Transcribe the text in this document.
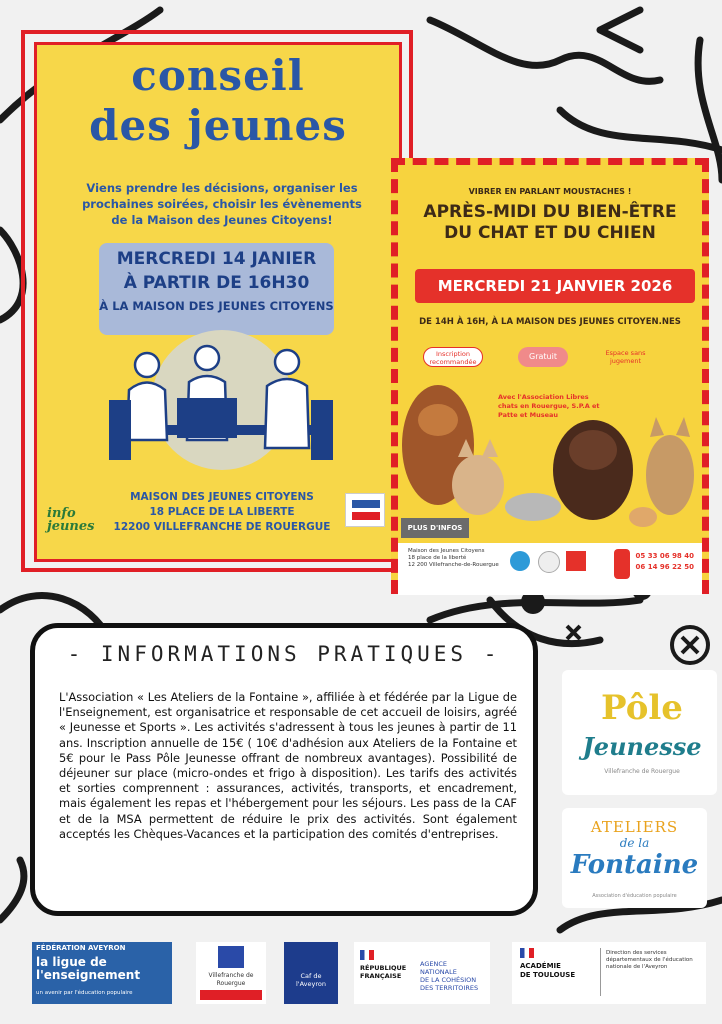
conseil
des jeunes
Viens prendre les décisions, organiser les prochaines soirées, choisir les évènements de la Maison des Jeunes Citoyens!
MERCREDI 14 JANIER
À PARTIR DE 16H30
À LA MAISON DES JEUNES CITOYENS
MAISON DES JEUNES CITOYENS
18 PLACE DE LA LIBERTE
12200 VILLEFRANCHE DE ROUERGUE
info
jeunes
VIBRER EN PARLANT MOUSTACHES !
APRÈS-MIDI DU BIEN-ÊTRE
DU CHAT ET DU CHIEN
MERCREDI 21 JANVIER 2026
DE 14H À 16H, À LA MAISON DES JEUNES CITOYEN.NES
Inscription recommandée
Gratuit	Espace sans jugement
Avec l'Association Libres chats en Rouergue, S.P.A et Patte et Museau
PLUS D'INFOS
Maison des Jeunes Citoyens
18 place de la liberté
12 200 Villefranche-de-Rouergue
05 33 06 98 40
06 14 96 22 50
- INFORMATIONS PRATIQUES -
L'Association « Les Ateliers de la Fontaine », affiliée à et fédérée par la Ligue de l'Enseignement, est organisatrice et responsable de cet accueil de loisirs, agréé « Jeunesse et Sports ». Les activités s'adressent à tous les jeunes à partir de 11 ans. Inscription annuelle de 15€ ( 10€ d'adhésion aux Ateliers de la Fontaine et 5€ pour le Pass Pôle Jeunesse offrant de nombreux avantages). Possibilité de déjeuner sur place (micro-ondes et frigo à disposition). Les tarifs des activités et sorties comprennent : assurances, activités, transports, et encadrement, mais également les repas et l'hébergement pour les séjours. Les pass de la CAF et de la MSA permettent de réduire le prix des activités. Sont également acceptés les Chèques-Vacances et la participation des comités d'entreprises.
Pôle
Jeunesse
Villefranche de Rouergue
ATELIERS
de la
Fontaine
Association d'éducation populaire
FÉDÉRATION AVEYRON
la ligue de
l'enseignement
un avenir par l'éducation populaire
Villefranche de Rouergue
Caf de l'Aveyron
RÉPUBLIQUE
FRANÇAISE
AGENCE
NATIONALE
DE LA COHÉSION
DES TERRITOIRES
ACADÉMIE
DE TOULOUSE
Direction des services départementaux de l'éducation nationale de l'Aveyron
